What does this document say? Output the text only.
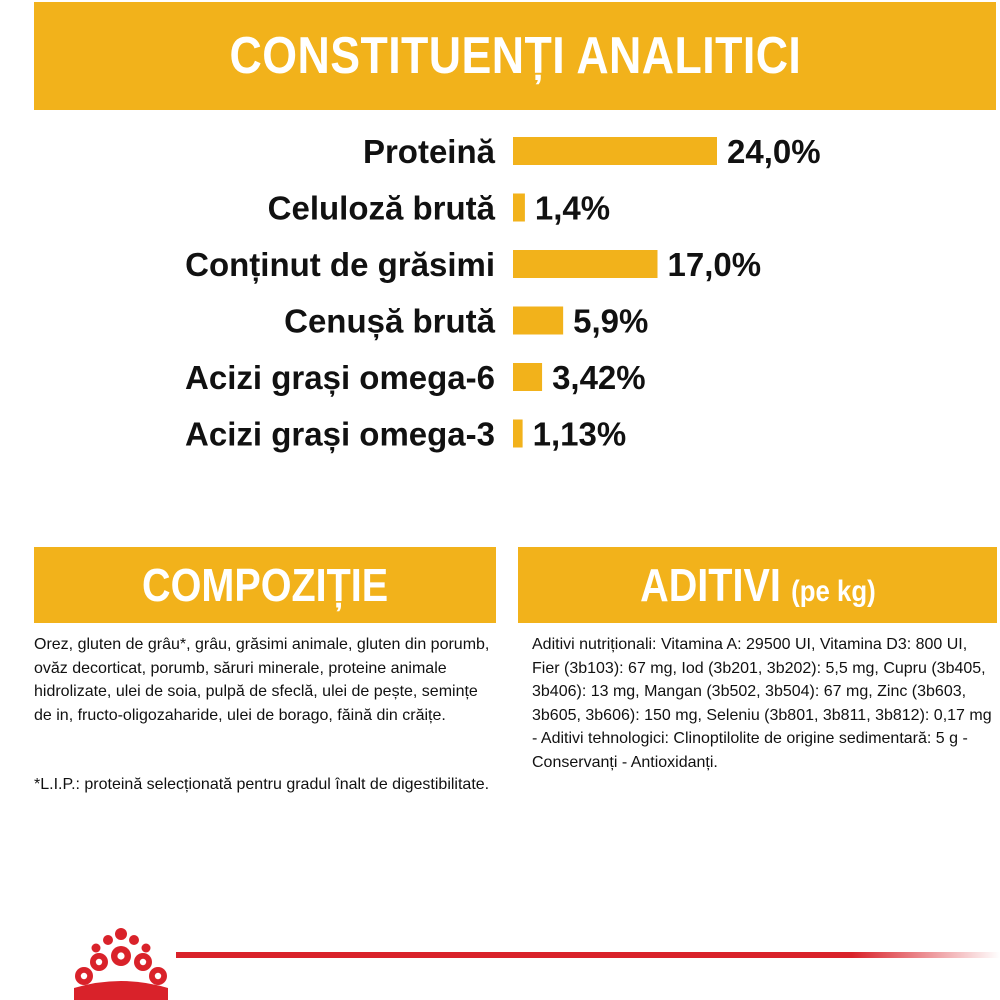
CONSTITUENȚI ANALITICI
Proteină	24,0%
Celuloză brută 1,4%
Conținut de grăsimi	17,0%
Cenușă brută 5,9%
Acizi grași omega-6 3,42%
Acizi grași omega-3 1,13%
COMPOZIȚIE	ADITIVI (pe kg)
Orez, gluten de grâu*, grâu, grăsimi animale, gluten din porumb, ovăz decorticat, porumb, săruri minerale, proteine animale hidrolizate, ulei de soia, pulpă de sfeclă, ulei de pește, semințe de in, fructo-oligozaharide, ulei de borago, făină din crăițe.
*L.I.P.: proteină selecționată pentru gradul înalt de digestibilitate.
Aditivi nutriționali: Vitamina A: 29500 UI, Vitamina D3: 800 UI, Fier (3b103): 67 mg, Iod (3b201, 3b202): 5,5 mg, Cupru (3b405, 3b406): 13 mg, Mangan (3b502, 3b504): 67 mg, Zinc (3b603, 3b605, 3b606): 150 mg, Seleniu (3b801, 3b811, 3b812): 0,17 mg - Aditivi tehnologici: Clinoptilolite de origine sedimentară: 5 g - Conservanți - Antioxidanți.
